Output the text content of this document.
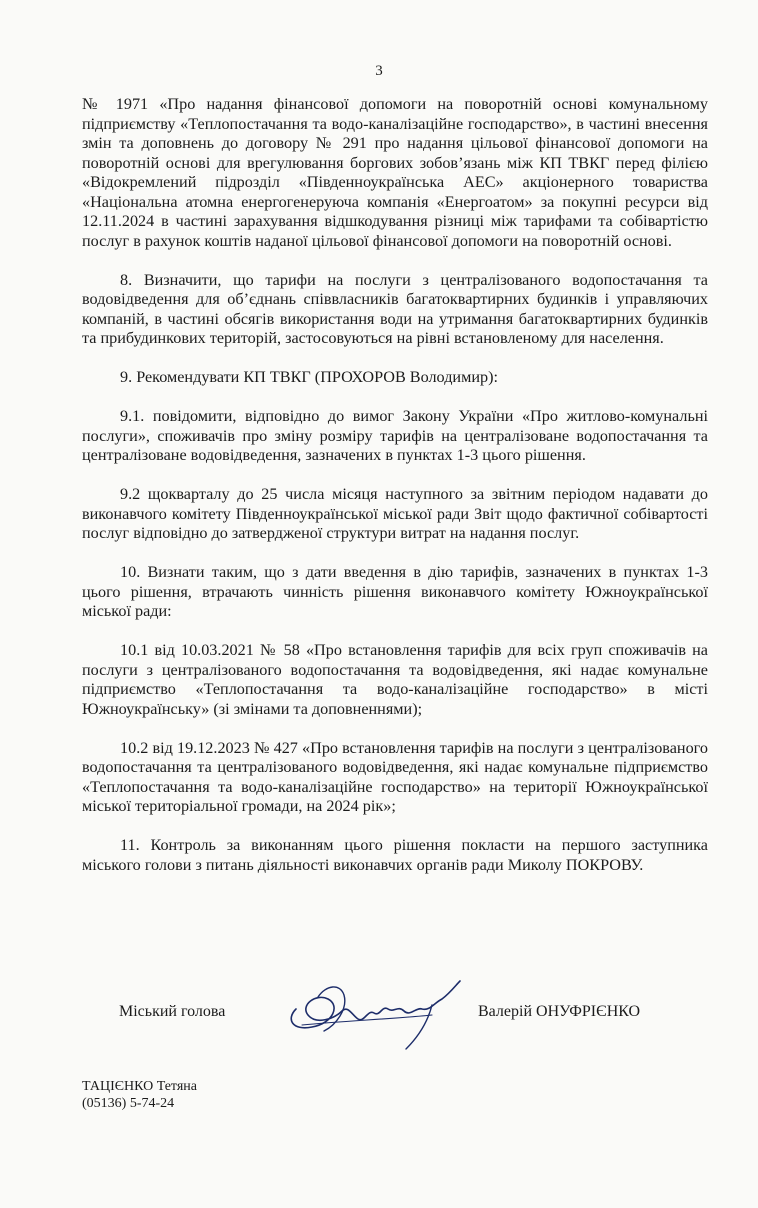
3

№ 1971 «Про надання фінансової допомоги на поворотній основі комунальному підприємству «Теплопостачання та водо-каналізаційне господарство», в частині внесення змін та доповнень до договору № 291 про надання цільової фінансової допомоги на поворотній основі для врегулювання боргових зобов’язань між КП ТВКГ перед філією «Відокремлений підрозділ «Південноукраїнська АЕС» акціонерного товариства «Національна атомна енергогенеруюча компанія «Енергоатом» за покупні ресурси від 12.11.2024 в частині зарахування відшкодування різниці між тарифами та собівартістю послуг в рахунок коштів наданої цільової фінансової допомоги на поворотній основі.

8. Визначити, що тарифи на послуги з централізованого водопостачання та водовідведення для об’єднань співвласників багатоквартирних будинків і управляючих компаній, в частині обсягів використання води на утримання багатоквартирних будинків та прибудинкових територій, застосовуються на рівні встановленому для населення.

9. Рекомендувати КП ТВКГ (ПРОХОРОВ Володимир):

9.1. повідомити, відповідно до вимог Закону України «Про житлово-комунальні послуги», споживачів про зміну розміру тарифів на централізоване водопостачання та централізоване водовідведення, зазначених в пунктах 1-3 цього рішення.

9.2 щокварталу до 25 числа місяця наступного за звітним періодом надавати до виконавчого комітету Південноукраїнської міської ради Звіт щодо фактичної собівартості послуг відповідно до затвердженої структури витрат на надання послуг.

10. Визнати таким, що з дати введення в дію тарифів, зазначених в пунктах 1-3 цього рішення, втрачають чинність рішення виконавчого комітету Южноукраїнської міської ради:

10.1 від 10.03.2021 № 58 «Про встановлення тарифів для всіх груп споживачів на послуги з централізованого водопостачання та водовідведення, які надає комунальне підприємство «Теплопостачання та водо-каналізаційне господарство» в місті Южноукраїнську» (зі змінами та доповненнями);

10.2 від 19.12.2023 № 427 «Про встановлення тарифів на послуги з централізованого водопостачання та централізованого водовідведення, які надає комунальне підприємство «Теплопостачання та водо-каналізаційне господарство» на території Южноукраїнської міської територіальної громади, на 2024 рік»;

11. Контроль за виконанням цього рішення покласти на першого заступника міського голови з питань діяльності виконавчих органів ради Миколу ПОКРОВУ.

Міський голова	Валерій ОНУФРІЄНКО
ТАЦІЄНКО Тетяна
(05136) 5-74-24
